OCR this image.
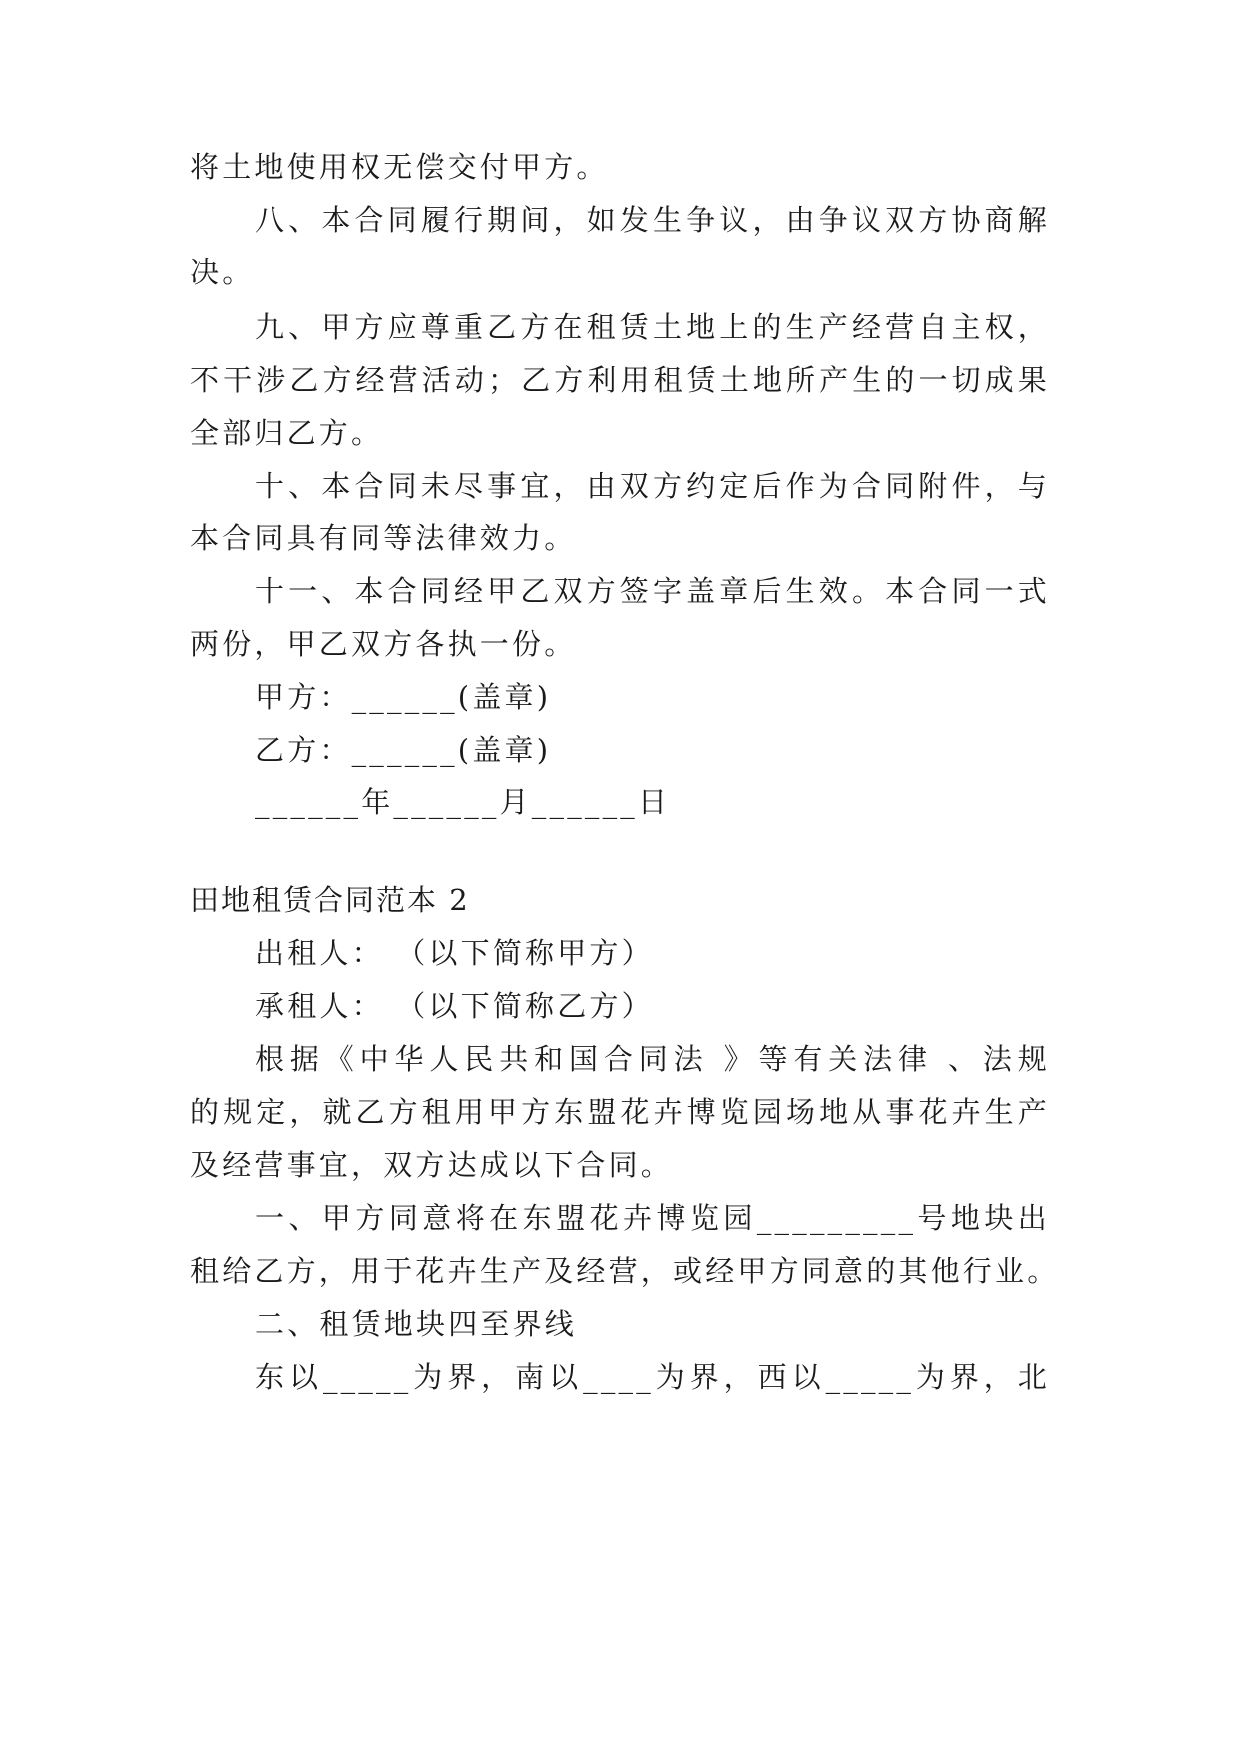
将土地使用权无偿交付甲方。
八、本合同履行期间，如发生争议，由争议双方协商解
决。
九、甲方应尊重乙方在租赁土地上的生产经营自主权，
不干涉乙方经营活动；乙方利用租赁土地所产生的一切成果
全部归乙方。
十、本合同未尽事宜，由双方约定后作为合同附件，与
本合同具有同等法律效力。
十一、本合同经甲乙双方签字盖章后生效。本合同一式
两份，甲乙双方各执一份。
甲方：______(盖章)
乙方：______(盖章)
______年______月______日
田地租赁合同范本 2
出租人： （以下简称甲方）
承租人： （以下简称乙方）
根据《中华人民共和国合同法 》等有关法律 、法规
的规定，就乙方租用甲方东盟花卉博览园场地从事花卉生产
及经营事宜，双方达成以下合同。
一、甲方同意将在东盟花卉博览园_________号地块出
租给乙方，用于花卉生产及经营，或经甲方同意的其他行业。
二、租赁地块四至界线
东以_____为界，南以____为界，西以_____为界，北
